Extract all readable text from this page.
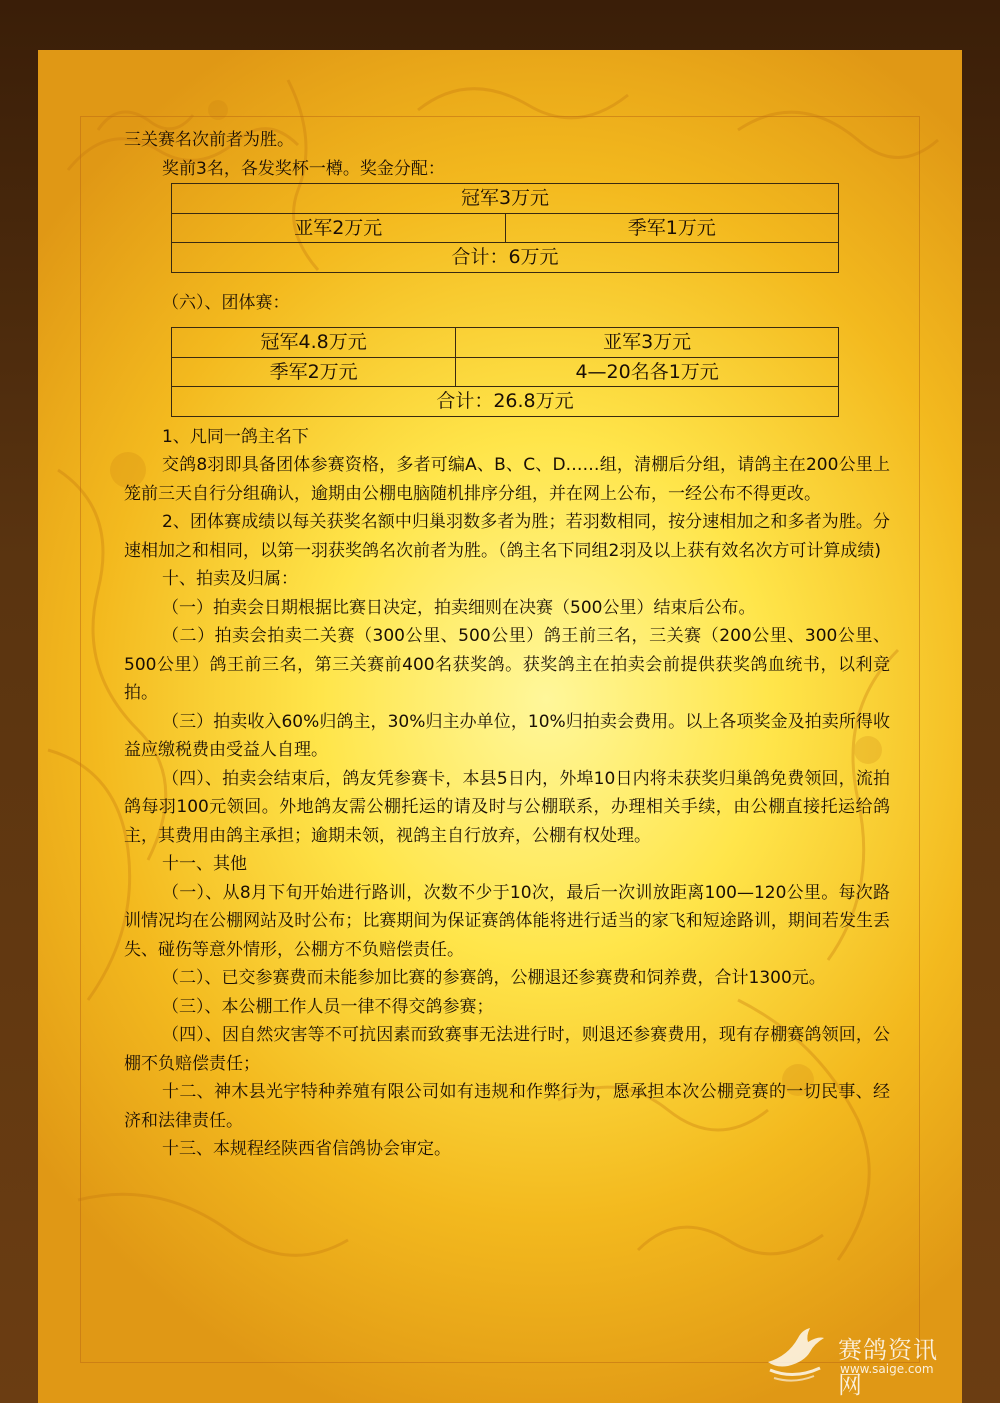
三关赛名次前者为胜。

奖前3名，各发奖杯一樽。奖金分配：

冠军3万元
亚军2万元	季军1万元
合计：6万元

（六）、团体赛：

冠军4.8万元	亚军3万元
季军2万元	4—20名各1万元
合计：26.8万元	

1、凡同一鸽主名下

交鸽8羽即具备团体参赛资格，多者可编A、B、C、D……组，清棚后分组，请鸽主在200公里上笼前三天自行分组确认，逾期由公棚电脑随机排序分组，并在网上公布，一经公布不得更改。

2、团体赛成绩以每关获奖名额中归巢羽数多者为胜；若羽数相同，按分速相加之和多者为胜。分速相加之和相同，以第一羽获奖鸽名次前者为胜。（鸽主名下同组2羽及以上获有效名次方可计算成绩)

十、拍卖及归属：

（一）拍卖会日期根据比赛日决定，拍卖细则在决赛（500公里）结束后公布。

（二）拍卖会拍卖二关赛（300公里、500公里）鸽王前三名，三关赛（200公里、300公里、500公里）鸽王前三名，第三关赛前400名获奖鸽。获奖鸽主在拍卖会前提供获奖鸽血统书，以利竞拍。

（三）拍卖收入60%归鸽主，30%归主办单位，10%归拍卖会费用。以上各项奖金及拍卖所得收益应缴税费由受益人自理。

（四）、拍卖会结束后，鸽友凭参赛卡，本县5日内，外埠10日内将未获奖归巢鸽免费领回，流拍鸽每羽100元领回。外地鸽友需公棚托运的请及时与公棚联系，办理相关手续，由公棚直接托运给鸽主，其费用由鸽主承担；逾期未领，视鸽主自行放弃，公棚有权处理。

十一、其他

（一）、从8月下旬开始进行路训，次数不少于10次，最后一次训放距离100—120公里。每次路训情况均在公棚网站及时公布；比赛期间为保证赛鸽体能将进行适当的家飞和短途路训，期间若发生丢失、碰伤等意外情形，公棚方不负赔偿责任。

（二）、已交参赛费而未能参加比赛的参赛鸽，公棚退还参赛费和饲养费，合计1300元。

（三）、本公棚工作人员一律不得交鸽参赛；

（四）、因自然灾害等不可抗因素而致赛事无法进行时，则退还参赛费用，现有存棚赛鸽领回，公棚不负赔偿责任；

十二、神木县光宇特种养殖有限公司如有违规和作弊行为，愿承担本次公棚竞赛的一切民事、经济和法律责任。

十三、本规程经陕西省信鸽协会审定。

赛鸽资讯网
www.saige.com
